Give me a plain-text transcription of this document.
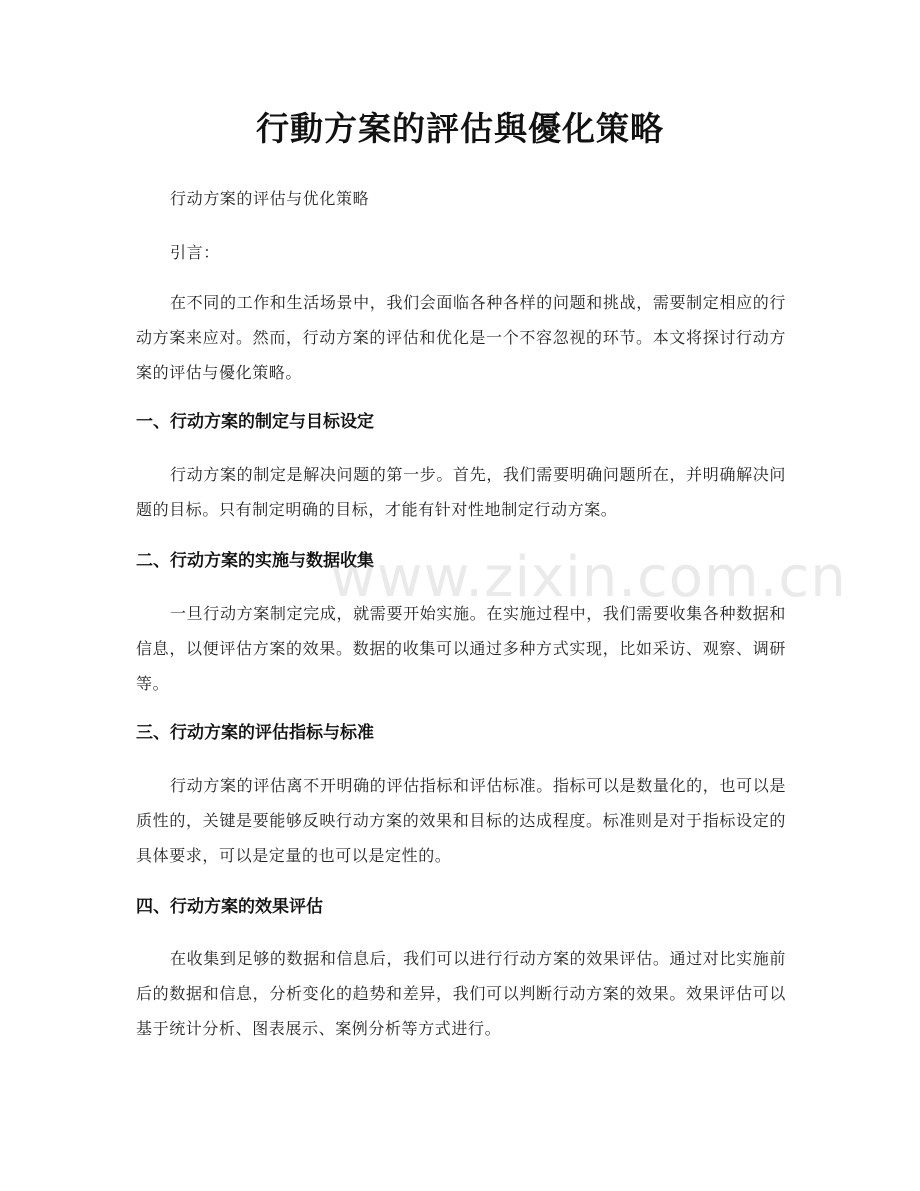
行動方案的評估與優化策略
行动方案的评估与优化策略
引言：
在不同的工作和生活场景中，我们会面临各种各样的问题和挑战，需要制定相应的行动方案来应对。然而，行动方案的评估和优化是一个不容忽视的环节。本文将探讨行动方案的评估与優化策略。
一、行动方案的制定与目标设定
行动方案的制定是解决问题的第一步。首先，我们需要明确问题所在，并明确解决问题的目标。只有制定明确的目标，才能有针对性地制定行动方案。
二、行动方案的实施与数据收集
一旦行动方案制定完成，就需要开始实施。在实施过程中，我们需要收集各种数据和信息，以便评估方案的效果。数据的收集可以通过多种方式实现，比如采访、观察、调研等。
三、行动方案的评估指标与标准
行动方案的评估离不开明确的评估指标和评估标准。指标可以是数量化的，也可以是质性的，关键是要能够反映行动方案的效果和目标的达成程度。标准则是对于指标设定的具体要求，可以是定量的也可以是定性的。
四、行动方案的效果评估
在收集到足够的数据和信息后，我们可以进行行动方案的效果评估。通过对比实施前后的数据和信息，分析变化的趋势和差异，我们可以判断行动方案的效果。效果评估可以基于统计分析、图表展示、案例分析等方式进行。
www.zixin.com.cn
